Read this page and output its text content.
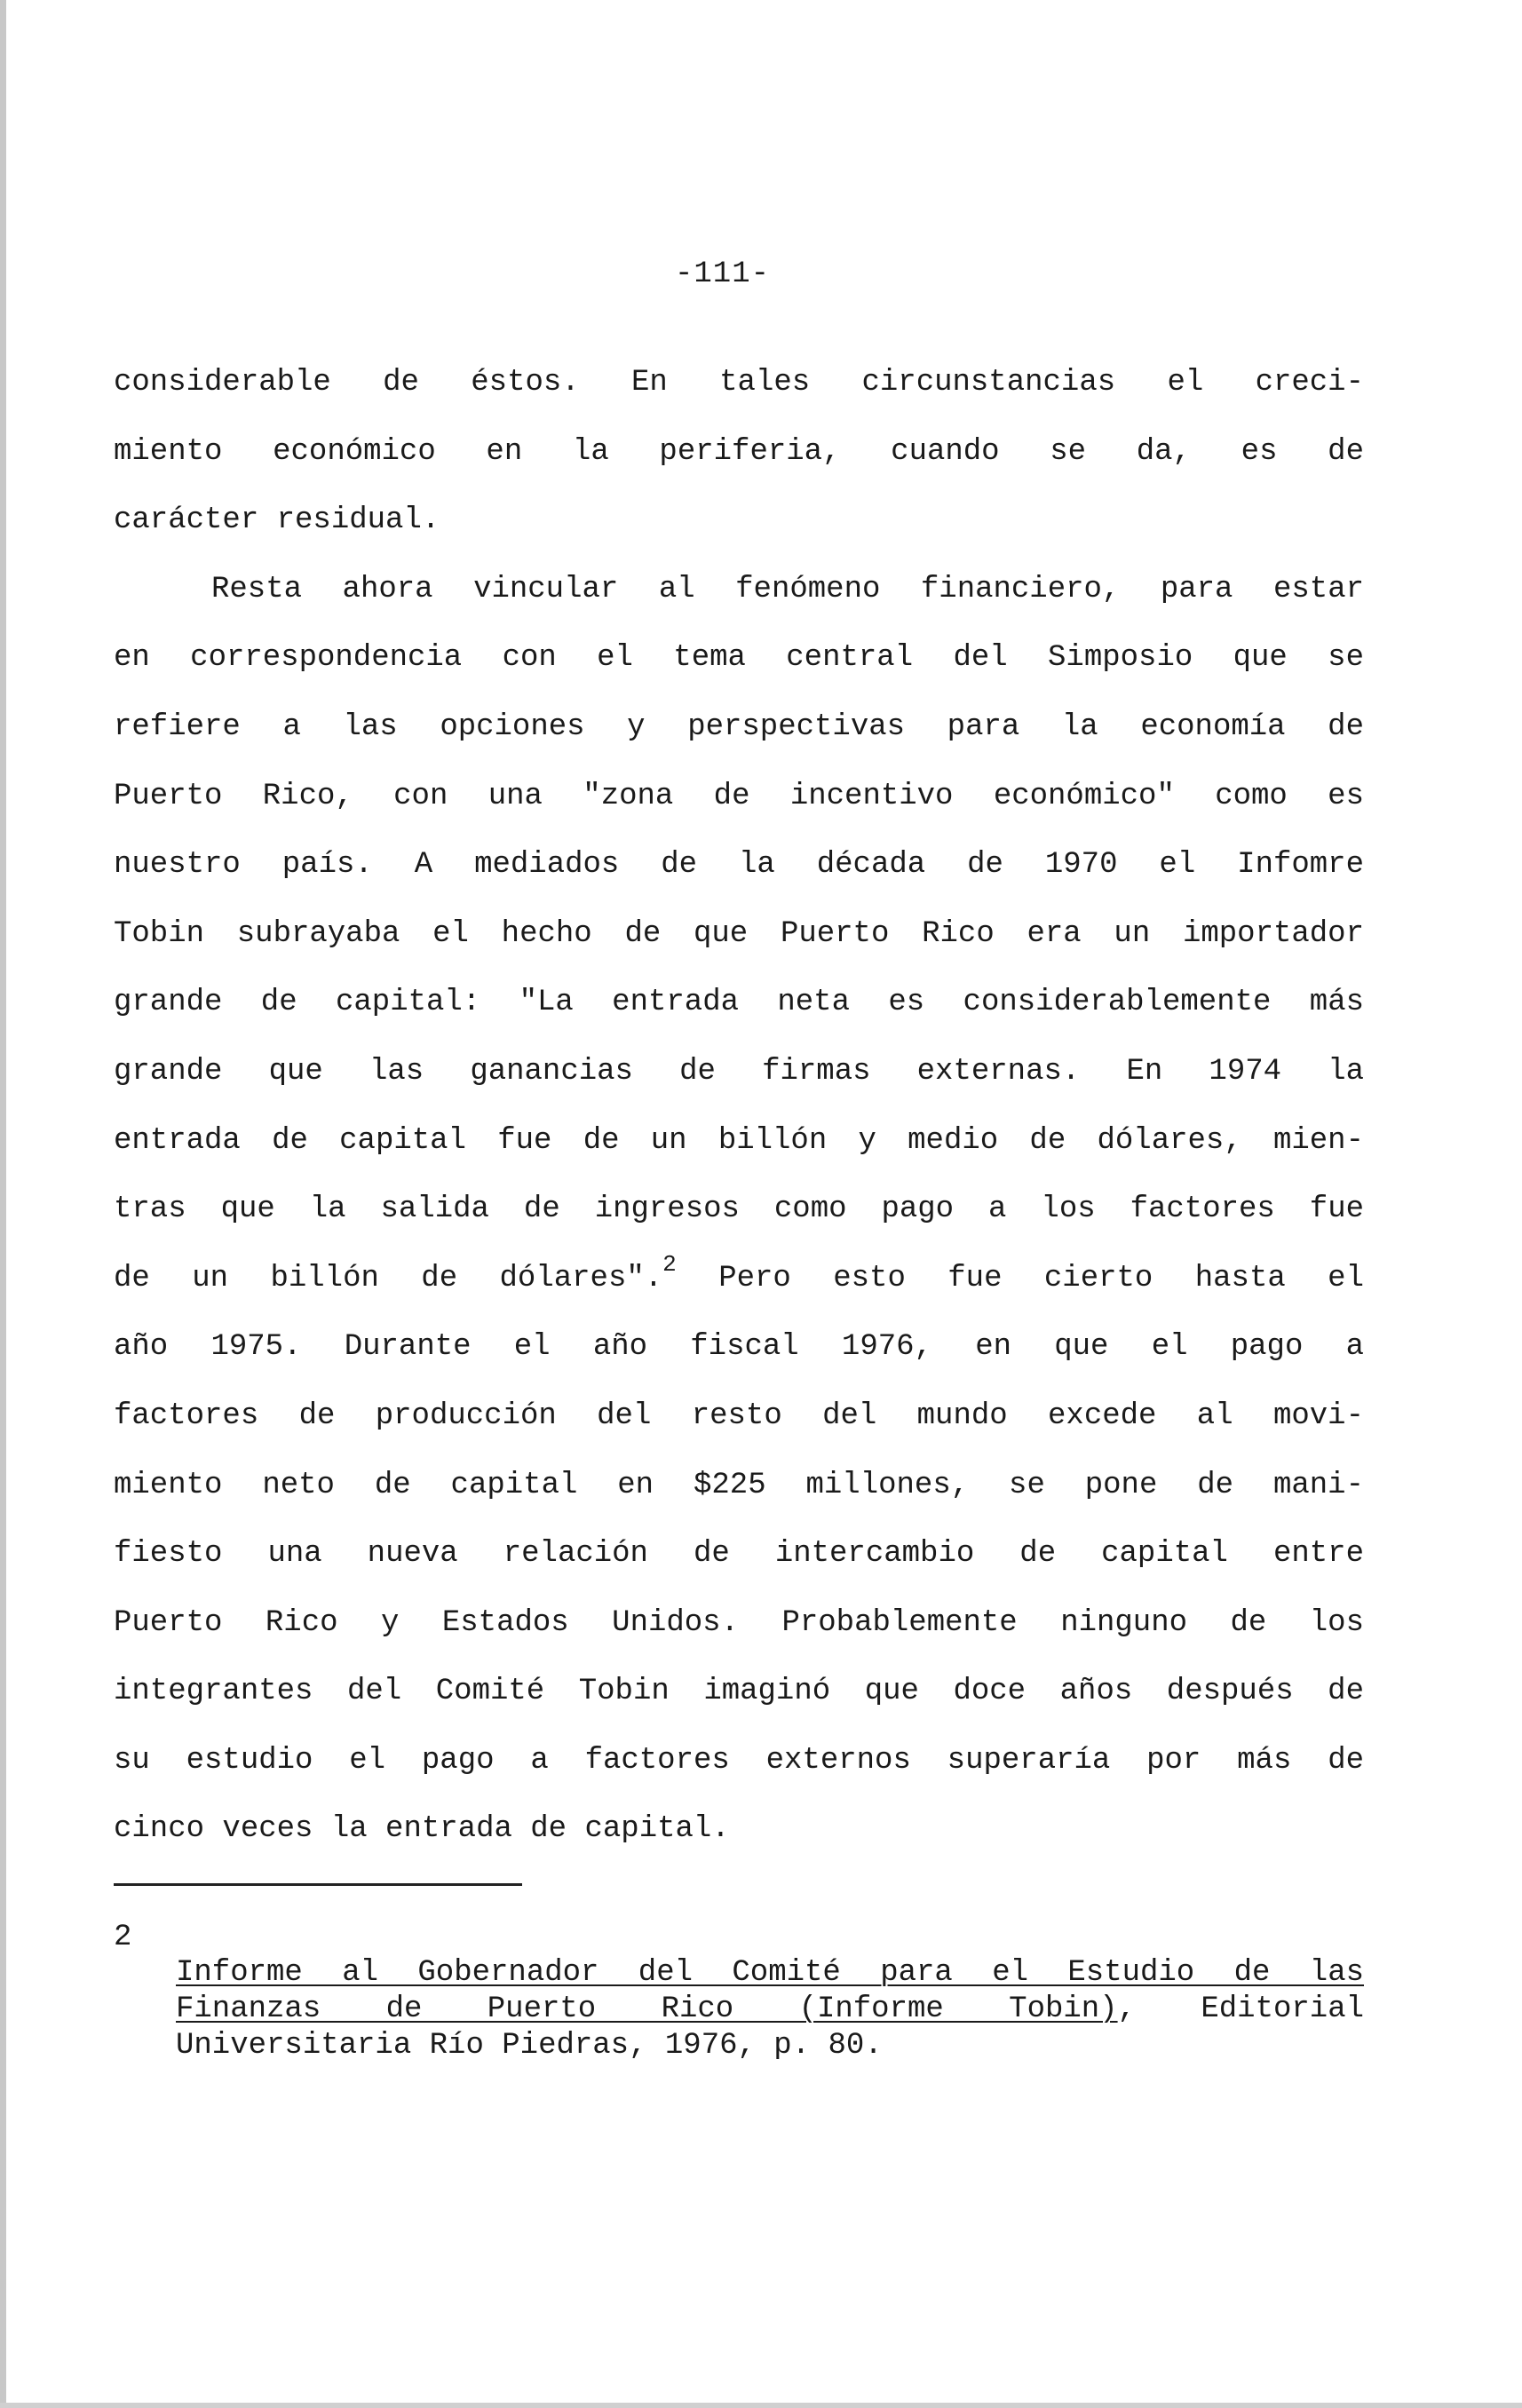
-111-
considerable de éstos. En tales circunstancias el creci-
miento económico en la periferia, cuando se da, es de
carácter residual.
Resta ahora vincular al fenómeno financiero, para estar
en correspondencia con el tema central del Simposio que se
refiere a las opciones y perspectivas para la economía de
Puerto Rico, con una "zona de incentivo económico" como es
nuestro país. A mediados de la década de 1970 el Infomre
Tobin subrayaba el hecho de que Puerto Rico era un importador
grande de capital: "La entrada neta es considerablemente más
grande que las ganancias de firmas externas. En 1974 la
entrada de capital fue de un billón y medio de dólares, mien-
tras que la salida de ingresos como pago a los factores fue
de un billón de dólares".$^2$ Pero esto fue cierto hasta el
año 1975. Durante el año fiscal 1976, en que el pago a
factores de producción del resto del mundo excede al movi-
miento neto de capital en $225 millones, se pone de mani-
fiesto una nueva relación de intercambio de capital entre
Puerto Rico y Estados Unidos. Probablemente ninguno de los
integrantes del Comité Tobin imaginó que doce años después de
su estudio el pago a factores externos superaría por más de
cinco veces la entrada de capital.
2
Informe al Gobernador del Comité para el Estudio de las
Finanzas de Puerto Rico (Informe Tobin), Editorial
Universitaria Río Piedras, 1976, p. 80.
